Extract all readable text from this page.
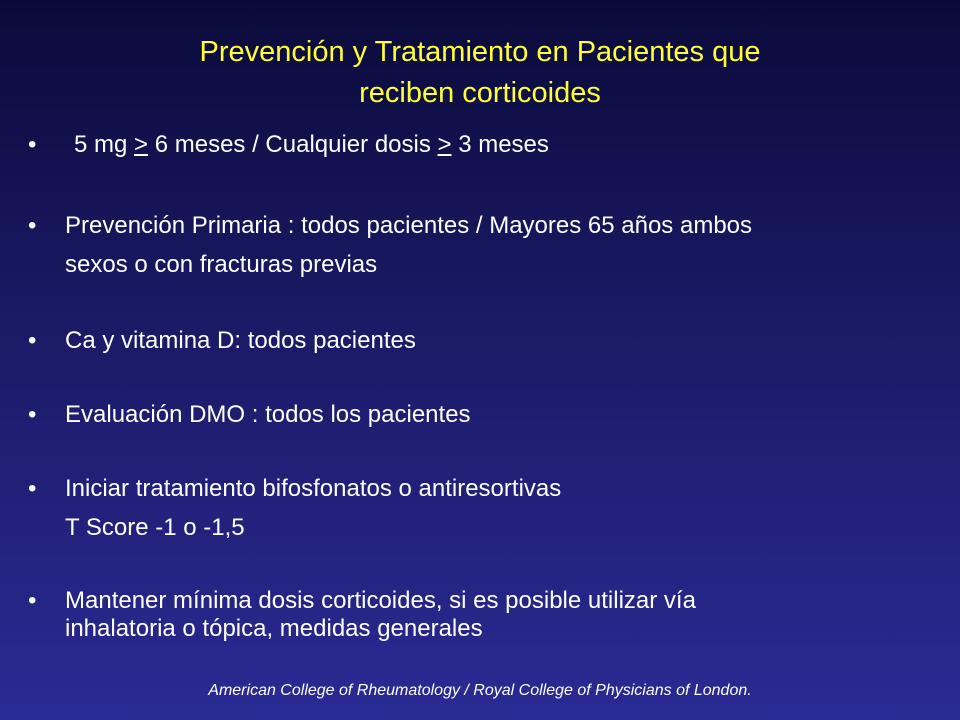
Prevención y Tratamiento en Pacientes que
reciben corticoides
• 5 mg ≥ 6 meses / Cualquier dosis ≥ 3 meses
• Prevención Primaria : todos pacientes / Mayores 65 años ambos
sexos o con fracturas previas
• Ca y vitamina D: todos pacientes
• Evaluación DMO : todos los pacientes
• Iniciar tratamiento bifosfonatos o antiresortivas
T Score -1 o -1,5
• Mantener mínima dosis corticoides, si es posible utilizar vía
inhalatoria o tópica, medidas generales
American College of Rheumatology / Royal College of Physicians of London.
